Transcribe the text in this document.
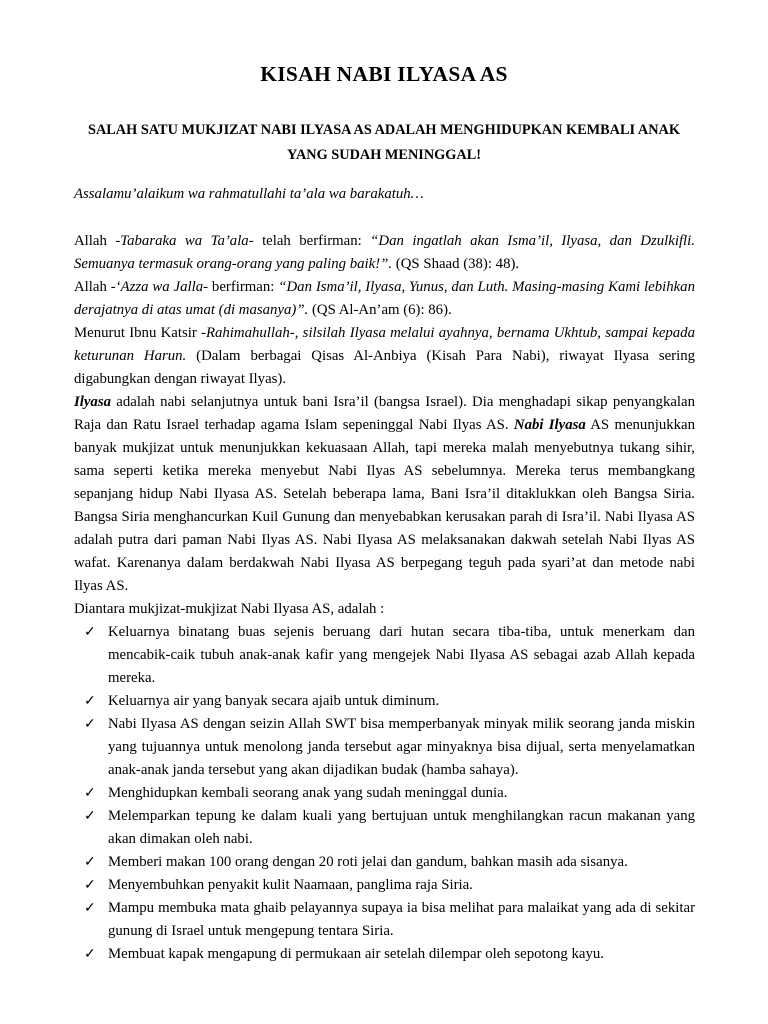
KISAH NABI ILYASA AS

SALAH SATU MUKJIZAT NABI ILYASA AS ADALAH MENGHIDUPKAN KEMBALI ANAK YANG SUDAH MENINGGAL!

Assalamu’alaikum wa rahmatullahi ta’ala wa barakatuh…

Allah -Tabaraka wa Ta’ala- telah berfirman: “Dan ingatlah akan Isma’il, Ilyasa, dan Dzulkifli. Semuanya termasuk orang-orang yang paling baik!”. (QS Shaad (38): 48).

Allah -‘Azza wa Jalla- berfirman: “Dan Isma’il, Ilyasa, Yunus, dan Luth. Masing-masing Kami lebihkan derajatnya di atas umat (di masanya)”. (QS Al-An’am (6): 86).

Menurut Ibnu Katsir -Rahimahullah-, silsilah Ilyasa melalui ayahnya, bernama Ukhtub, sampai kepada keturunan Harun. (Dalam berbagai Qisas Al-Anbiya (Kisah Para Nabi), riwayat Ilyasa sering digabungkan dengan riwayat Ilyas).

Ilyasa adalah nabi selanjutnya untuk bani Isra’il (bangsa Israel). Dia menghadapi sikap penyangkalan Raja dan Ratu Israel terhadap agama Islam sepeninggal Nabi Ilyas AS. Nabi Ilyasa AS menunjukkan banyak mukjizat untuk menunjukkan kekuasaan Allah, tapi mereka malah menyebutnya tukang sihir, sama seperti ketika mereka menyebut Nabi Ilyas AS sebelumnya. Mereka terus membangkang sepanjang hidup Nabi Ilyasa AS. Setelah beberapa lama, Bani Isra’il ditaklukkan oleh Bangsa Siria. Bangsa Siria menghancurkan Kuil Gunung dan menyebabkan kerusakan parah di Isra’il. Nabi Ilyasa AS adalah putra dari paman Nabi Ilyas AS. Nabi Ilyasa AS melaksanakan dakwah setelah Nabi Ilyas AS wafat. Karenanya dalam berdakwah Nabi Ilyasa AS berpegang teguh pada syari’at dan metode nabi Ilyas AS.

Diantara mukjizat-mukjizat Nabi Ilyasa AS, adalah :

✓ Keluarnya binatang buas sejenis beruang dari hutan secara tiba-tiba, untuk menerkam dan mencabik-caik tubuh anak-anak kafir yang mengejek Nabi Ilyasa AS sebagai azab Allah kepada mereka.
✓ Keluarnya air yang banyak secara ajaib untuk diminum.
✓ Nabi Ilyasa AS dengan seizin Allah SWT bisa memperbanyak minyak milik seorang janda miskin yang tujuannya untuk menolong janda tersebut agar minyaknya bisa dijual, serta menyelamatkan anak-anak janda tersebut yang akan dijadikan budak (hamba sahaya).
✓ Menghidupkan kembali seorang anak yang sudah meninggal dunia.
✓ Melemparkan tepung ke dalam kuali yang bertujuan untuk menghilangkan racun makanan yang akan dimakan oleh nabi.
✓ Memberi makan 100 orang dengan 20 roti jelai dan gandum, bahkan masih ada sisanya.
✓ Menyembuhkan penyakit kulit Naamaan, panglima raja Siria.
✓ Mampu membuka mata ghaib pelayannya supaya ia bisa melihat para malaikat yang ada di sekitar gunung di Israel untuk mengepung tentara Siria.
✓ Membuat kapak mengapung di permukaan air setelah dilempar oleh sepotong kayu.
